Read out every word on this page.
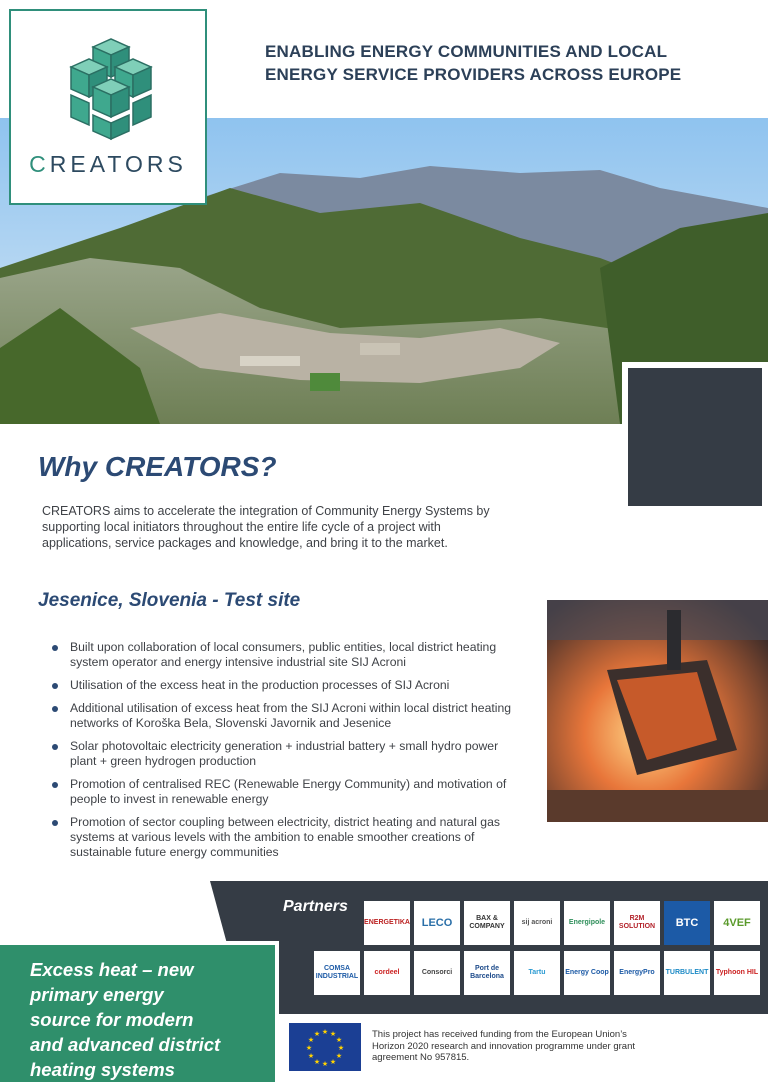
CREATORS
ENABLING ENERGY COMMUNITIES AND LOCAL
ENERGY SERVICE PROVIDERS ACROSS EUROPE
Why CREATORS?
CREATORS aims to accelerate the integration of Community Energy Systems by supporting local initiators throughout the entire life cycle of a project with applications, service packages and knowledge, and bring it to the market.
Jesenice, Slovenia - Test site
Built upon collaboration of local consumers, public entities, local district heating system operator and energy intensive industrial site SIJ Acroni
Utilisation of the excess heat in the production processes of SIJ Acroni
Additional utilisation of excess heat from the SIJ Acroni within local district heating networks of Koroška Bela, Slovenski Javornik and Jesenice
Solar photovoltaic electricity generation + industrial battery + small hydro power plant + green hydrogen production
Promotion of centralised REC (Renewable Energy Community) and motivation of people to invest in renewable energy
Promotion of sector coupling between electricity, district heating and natural gas systems at various levels with the ambition to enable smoother creations of sustainable future energy communities
Partners
ENERGETIKA	LECO	BAX & COMPANY
sij acroni	Energipole
R2M SOLUTION	BTC	4VEF
COMSA INDUSTRIAL
cordeel	Consorci
Port de Barcelona
Tartu	Energy Coop	EnergyPro	TURBULENT Typhoon HIL
Excess heat – new
primary energy
source for modern
and advanced district
heating systems
★ ★
★
★
★
★
★
★
★
★
★
★	This project has received funding from the European Union’s Horizon 2020 research and innovation programme under grant agreement No 957815.
